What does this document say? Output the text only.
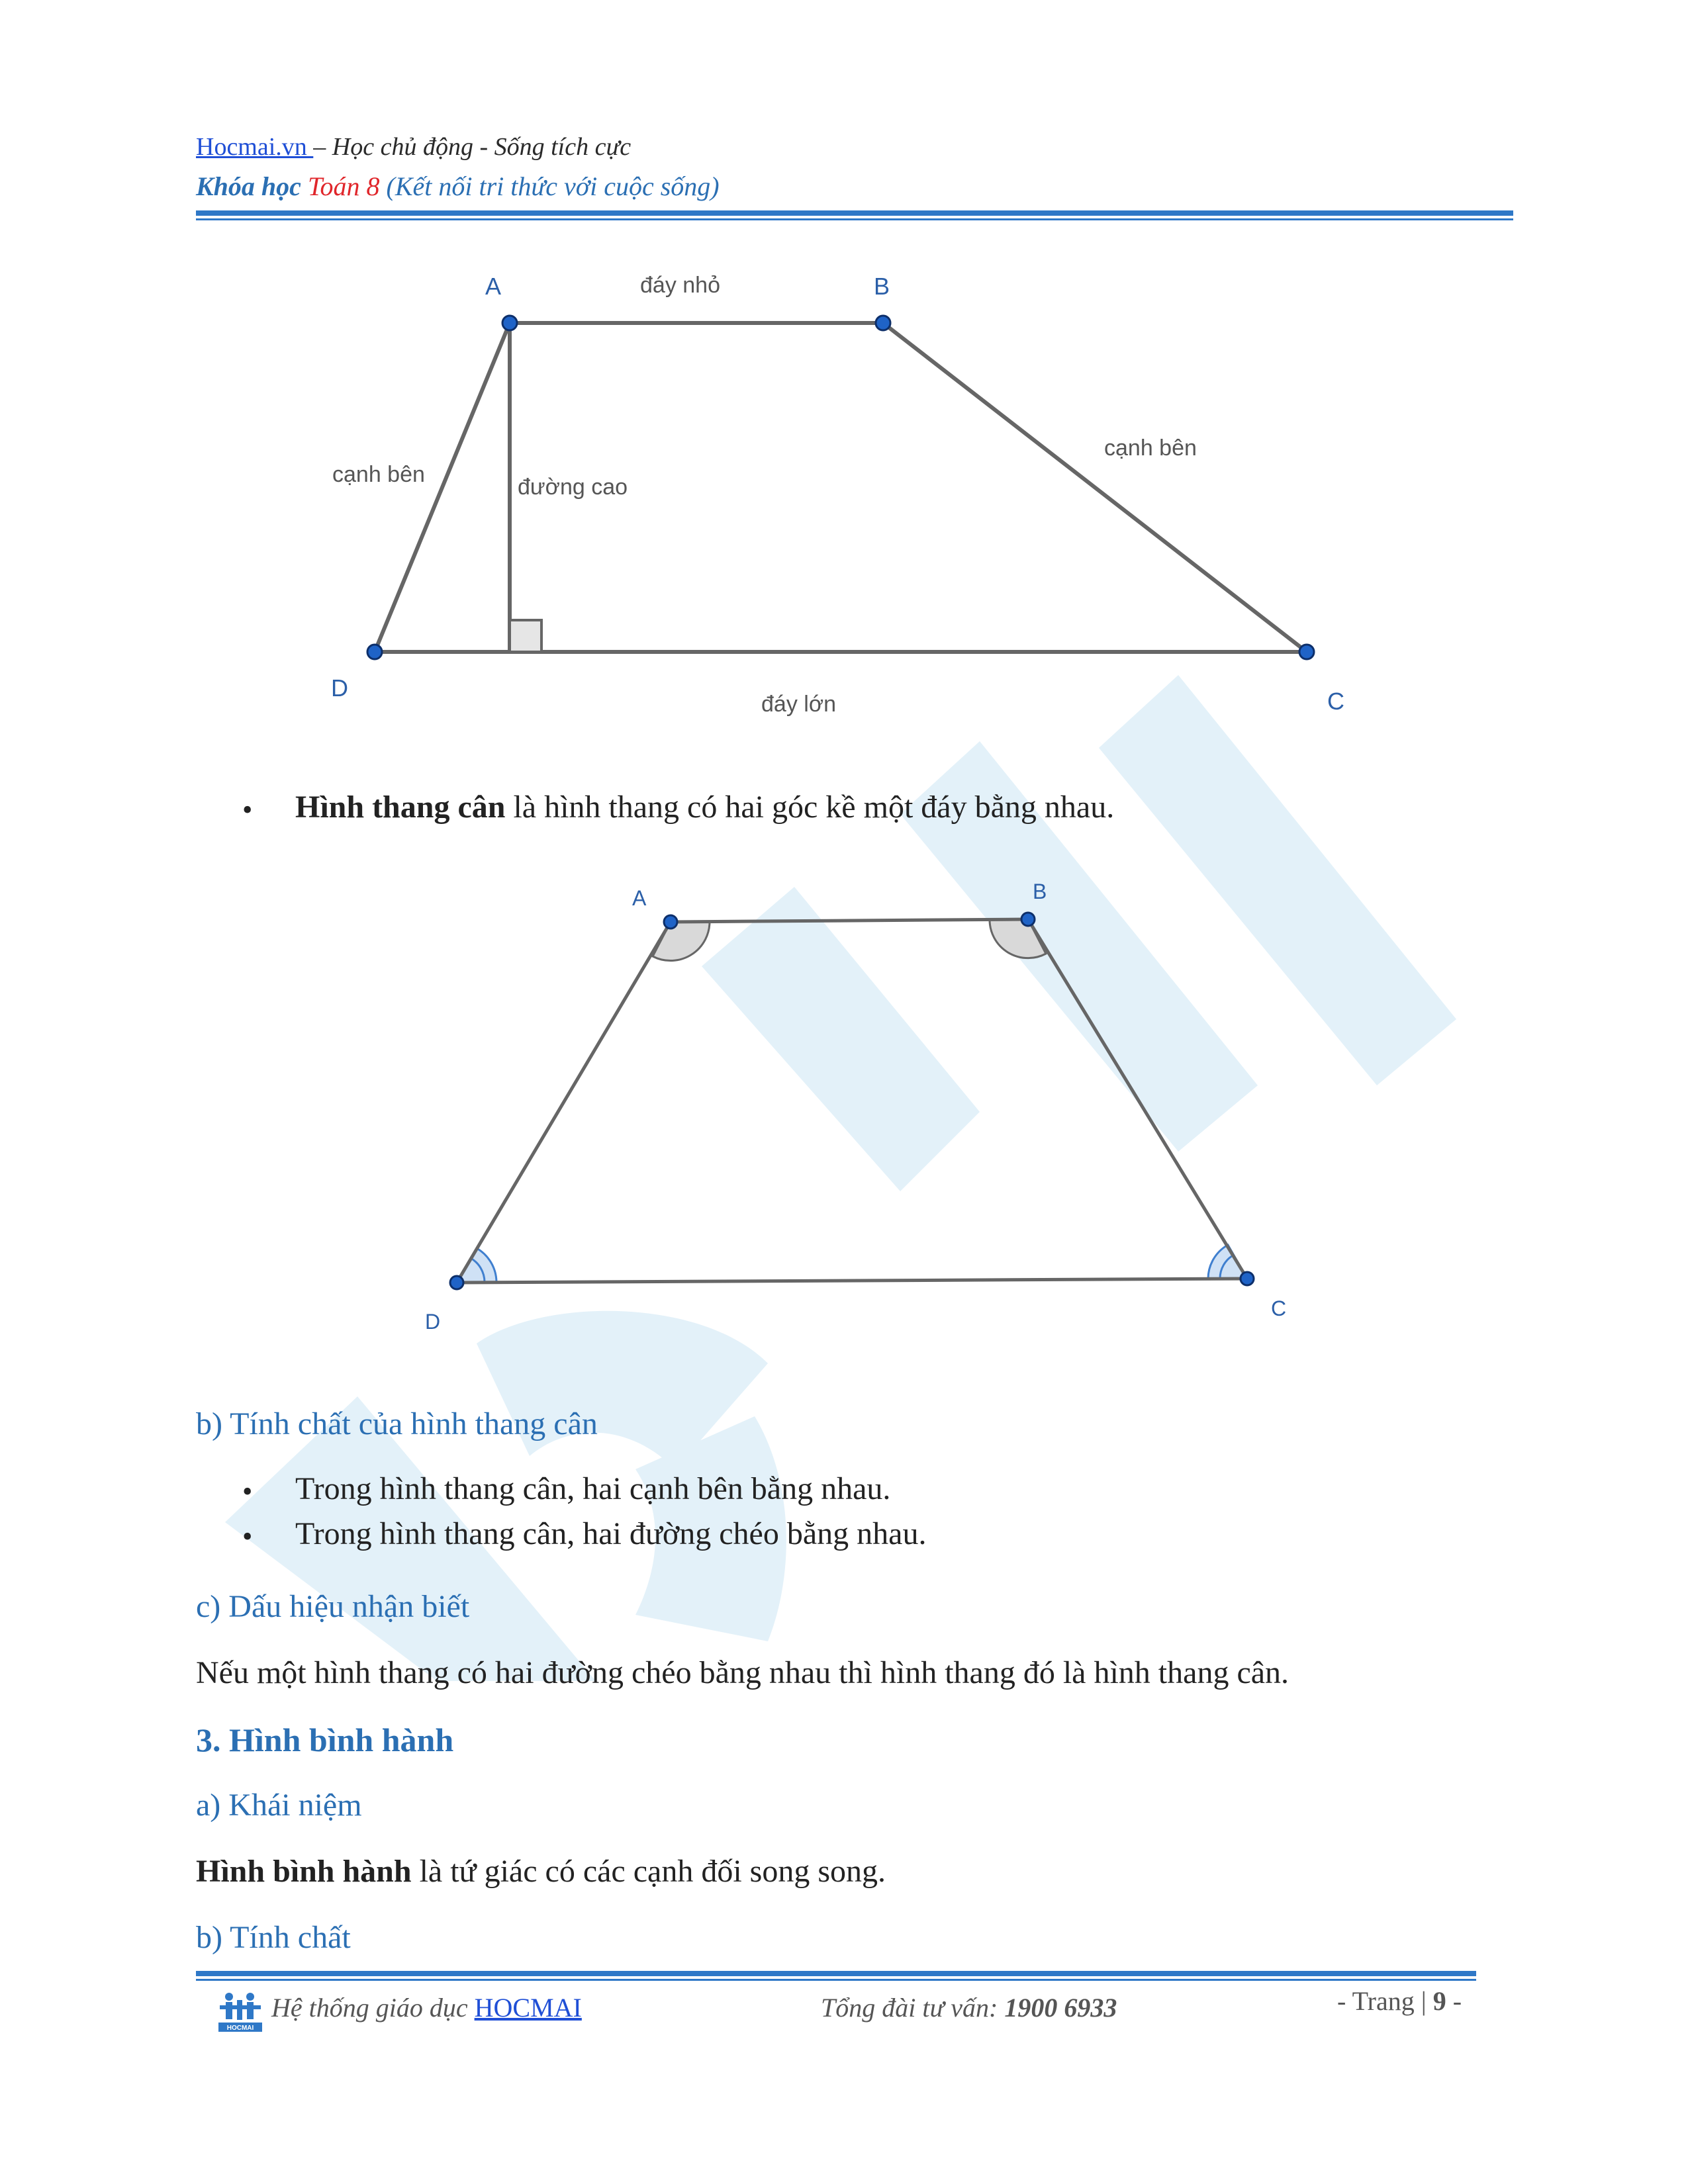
Hocmai.vn – Học chủ động - Sống tích cực
Khóa học Toán 8 (Kết nối tri thức với cuộc sống)
A	B
C
D
đáy nhỏ
đáy lớn
cạnh bên
cạnh bên
đường cao
• Hình thang cân là hình thang có hai góc kề một đáy bằng nhau.
A	B
C
D
b) Tính chất của hình thang cân
• Trong hình thang cân, hai cạnh bên bằng nhau.
• Trong hình thang cân, hai đường chéo bằng nhau.
c) Dấu hiệu nhận biết
Nếu một hình thang có hai đường chéo bằng nhau thì hình thang đó là hình thang cân.
3. Hình bình hành
a) Khái niệm
Hình bình hành là tứ giác có các cạnh đối song song.
b) Tính chất
HOCMAI
Hệ thống giáo dục HOCMAI	Tổng đài tư vấn: 1900 6933	- Trang | 9 -
